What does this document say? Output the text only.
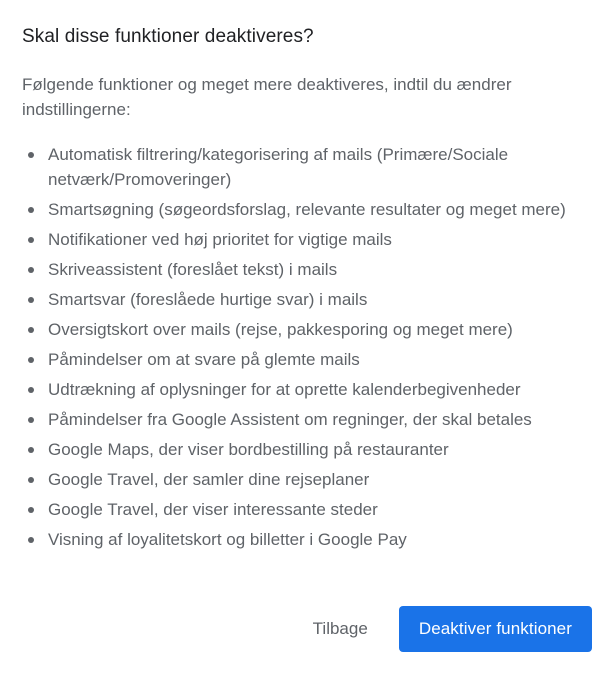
Skal disse funktioner deaktiveres?
Følgende funktioner og meget mere deaktiveres, indtil du ændrer indstillingerne:
Automatisk filtrering/kategorisering af mails (Primære/Sociale netværk/Promoveringer)
Smartsøgning (søgeordsforslag, relevante resultater og meget mere)
Notifikationer ved høj prioritet for vigtige mails
Skriveassistent (foreslået tekst) i mails
Smartsvar (foreslåede hurtige svar) i mails
Oversigtskort over mails (rejse, pakkesporing og meget mere)
Påmindelser om at svare på glemte mails
Udtrækning af oplysninger for at oprette kalenderbegivenheder
Påmindelser fra Google Assistent om regninger, der skal betales
Google Maps, der viser bordbestilling på restauranter
Google Travel, der samler dine rejseplaner
Google Travel, der viser interessante steder
Visning af loyalitetskort og billetter i Google Pay
Tilbage	Deaktiver funktioner
